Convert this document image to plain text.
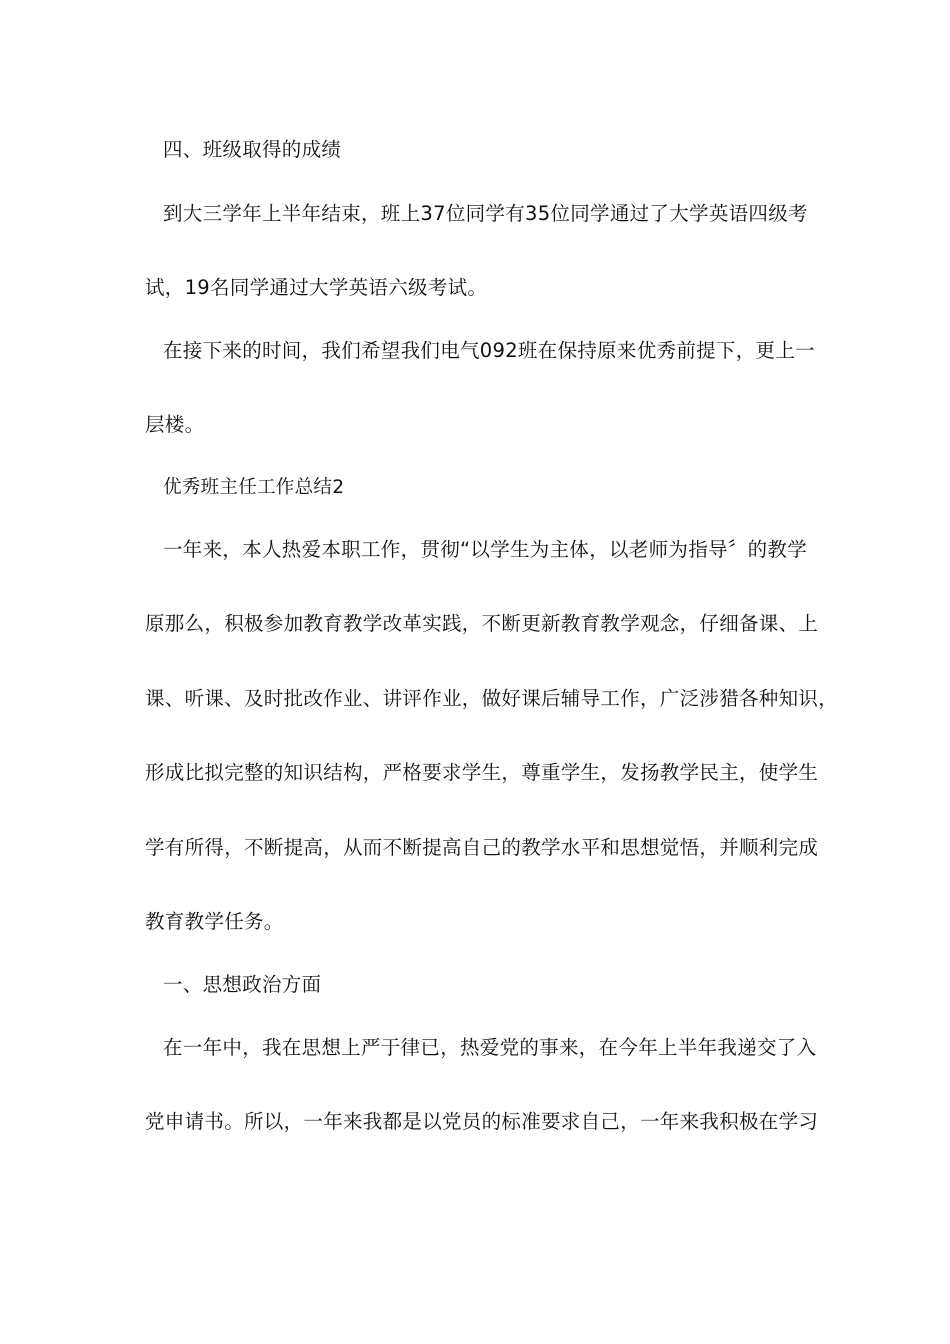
四、班级取得的成绩
到大三学年上半年结束，班上37位同学有35位同学通过了大学英语四级考
试，19名同学通过大学英语六级考试。
在接下来的时间，我们希望我们电气092班在保持原来优秀前提下，更上一
层楼。
优秀班主任工作总结2
一年来，本人热爱本职工作，贯彻“以学生为主体，以老师为指导〞的教学
原那么，积极参加教育教学改革实践，不断更新教育教学观念，仔细备课、上
课、听课、及时批改作业、讲评作业，做好课后辅导工作，广泛涉猎各种知识，
形成比拟完整的知识结构，严格要求学生，尊重学生，发扬教学民主，使学生
学有所得，不断提高，从而不断提高自己的教学水平和思想觉悟，并顺利完成
教育教学任务。
一、思想政治方面
在一年中，我在思想上严于律已，热爱党的事来，在今年上半年我递交了入
党申请书。所以，一年来我都是以党员的标准要求自己，一年来我积极在学习
